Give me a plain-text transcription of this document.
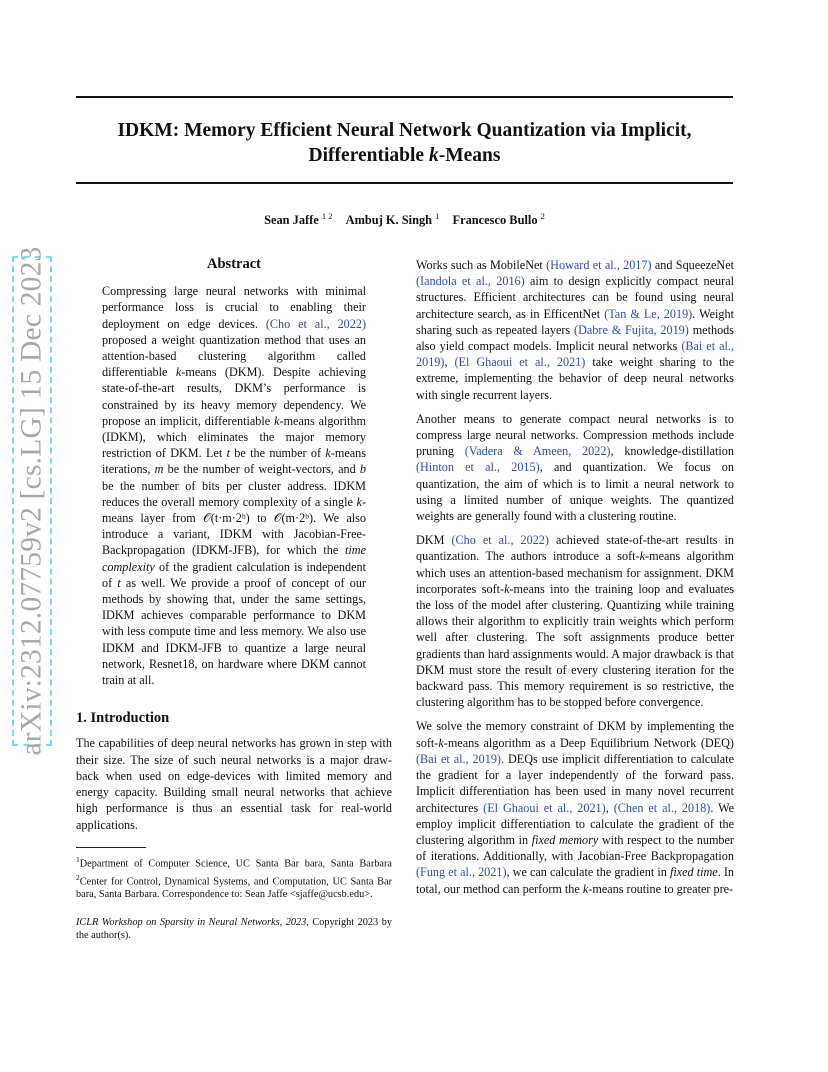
IDKM: Memory Efficient Neural Network Quantization via Implicit,
Differentiable k-Means
Sean Jaffe $^{1 2}$ Ambuj K. Singh $^1$ Francesco Bullo $^2$
arXiv:2312.07759v2 [cs.LG] 15 Dec 2023	Abstract
Compressing large neural networks with minimal performance loss is crucial to enabling their deployment on edge devices. (Cho et al., 2022) proposed a weight quantization method that uses an attention-based clustering algorithm called differentiable k-means (DKM). Despite achieving state-of-the-art results, DKM’s performance is constrained by its heavy memory dependency. We propose an implicit, differentiable k-means algorithm (IDKM), which eliminates the major memory restriction of DKM. Let t be the number of k-means iterations, m be the number of weight-vectors, and b be the number of bits per cluster address. IDKM reduces the overall memory complexity of a single k-means layer from 𝒪(t·m·2ᵇ) to 𝒪(m·2ᵇ). We also introduce a variant, IDKM with Jacobian-Free-Backpropagation (IDKM-JFB), for which the time complexity of the gradient calculation is independent of t as well. We provide a proof of concept of our methods by showing that, under the same settings, IDKM achieves comparable performance to DKM with less compute time and less memory. We also use IDKM and IDKM-JFB to quantize a large neural network, Resnet18, on hardware where DKM cannot train at all.
1. Introduction
The capabilities of deep neural networks has grown in step with their size. The size of such neural networks is a major draw-back when used on edge-devices with limited memory and energy capacity. Building small neural networks that achieve high performance is thus an essential task for real-world applications.
$^1$Department of Computer Science, UC Santa Bar bara, Santa Barbara $^2$Center for Control, Dynamical Systems, and Computation, UC Santa Bar bara, Santa Barbara. Correspondence to: Sean Jaffe <sjaffe@ucsb.edu>.
ICLR Workshop on Sparsity in Neural Networks, 2023, Copyright 2023 by the author(s).
Works such as MobileNet (Howard et al., 2017) and SqueezeNet (Iandola et al., 2016) aim to design explicitly compact neural structures. Efficient architectures can be found using neural architecture search, as in EfficentNet (Tan & Le, 2019). Weight sharing such as repeated layers (Dabre & Fujita, 2019) methods also yield compact models. Implicit neural networks (Bai et al., 2019), (El Ghaoui et al., 2021) take weight sharing to the extreme, implementing the behavior of deep neural networks with single recurrent layers.
Another means to generate compact neural networks is to compress large neural networks. Compression methods include pruning (Vadera & Ameen, 2022), knowledge-distillation (Hinton et al., 2015), and quantization. We focus on quantization, the aim of which is to limit a neural network to using a limited number of unique weights. The quantized weights are generally found with a clustering routine.
DKM (Cho et al., 2022) achieved state-of-the-art results in quantization. The authors introduce a soft-k-means algorithm which uses an attention-based mechanism for assignment. DKM incorporates soft-k-means into the training loop and evaluates the loss of the model after clustering. Quantizing while training allows their algorithm to explicitly train weights which perform well after clustering. The soft assignments produce better gradients than hard assignments would. A major drawback is that DKM must store the result of every clustering iteration for the backward pass. This memory requirement is so restrictive, the clustering algorithm has to be stopped before convergence.
We solve the memory constraint of DKM by implementing the soft-k-means algorithm as a Deep Equilibrium Network (DEQ) (Bai et al., 2019). DEQs use implicit differentiation to calculate the gradient for a layer independently of the forward pass. Implicit differentiation has been used in many novel recurrent architectures (El Ghaoui et al., 2021), (Chen et al., 2018). We employ implicit differentiation to calculate the gradient of the clustering algorithm in fixed memory with respect to the number of iterations. Additionally, with Jacobian-Free Backpropagation (Fung et al., 2021), we can calculate the gradient in fixed time. In total, our method can perform the k-means routine to greater pre-
